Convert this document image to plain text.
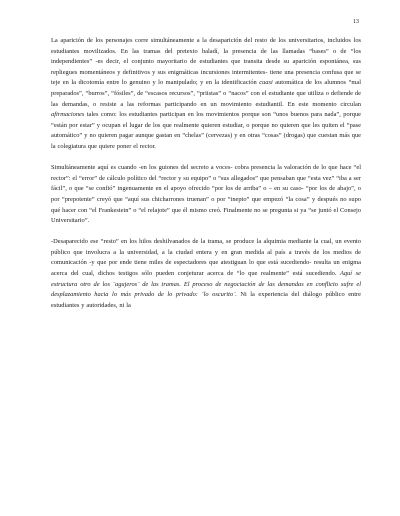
13

La aparición de los personajes corre simultáneamente a la desaparición del resto de los universitarios, incluidos los estudiantes movilizados. En las tramas del pretexto baladí, la presencia de las llamadas “bases” o de “los independientes” -es decir, el conjunto mayoritario de estudiantes que transita desde su aparición espontánea, sus repliegues momentáneos y definitivos y sus enigmáticas incursiones intermitentes- tiene una presencia confusa que se teje en la dicotomía entre lo genuino y lo manipulado; y en la identificación cuasi automática de los alumnos “mal preparados”, “burros”, “fósiles”, de “escasos recursos”, “priistas” o “nacos” con el estudiante que utiliza o defiende de las demandas, o resiste a las reformas participando en un movimiento estudiantil. En este momento circulan afirmaciones tales como: los estudiantes participan en los movimientos porque son “unos buenos para nada”, porque “están por estar” y ocupan el lugar de los que realmente quieren estudiar, o porque no quieren que les quiten el “pase automático” y no quieren pagar aunque gastan en “chelas” (cervezas) y en otras “cosas” (drogas) que cuestan más que la colegiatura que quiere poner el rector.

Simultáneamente aquí es cuando -en los guiones del secreto a voces- cobra presencia la valoración de lo que hace “el rector”: el “error” de cálculo político del “rector y su equipo” o “sus allegados” que pensaban que “esta vez” “iba a ser fácil”, o que “se confió” ingenuamente en el apoyo ofrecido “por los de arriba” o – en su caso- “por los de abajo”, o por “prepotente” creyó que “aquí sus chicharrones truenan” o por “inepto” que empezó “la cosa” y después no supo qué hacer con “el Frankestein” o “el relajote” que él mismo creó. Finalmente no se pregunta si ya “se juntó el Consejo Universitario”.

-Desaparecido ese “resto” en los hilos deshilvanados de la trama, se produce la alquimia mediante la cual, un evento público que involucra a la universidad, a la ciudad entera y en gran medida al país a través de los medios de comunicación -y que por ende tiene miles de espectadores que atestiguan lo que está sucediendo- resulta un enigma acerca del cual, dichos testigos sólo pueden conjeturar acerca de “lo que realmente” está sucediendo. Aquí se estructura otro de los ¨agujeros¨ de las tramas. El proceso de negociación de las demandas en conflicto sufre el desplazamiento hacia lo más privado de lo privado: ¨lo oscurito¨. Ni la experiencia del diálogo público entre estudiantes y autoridades, ni la
